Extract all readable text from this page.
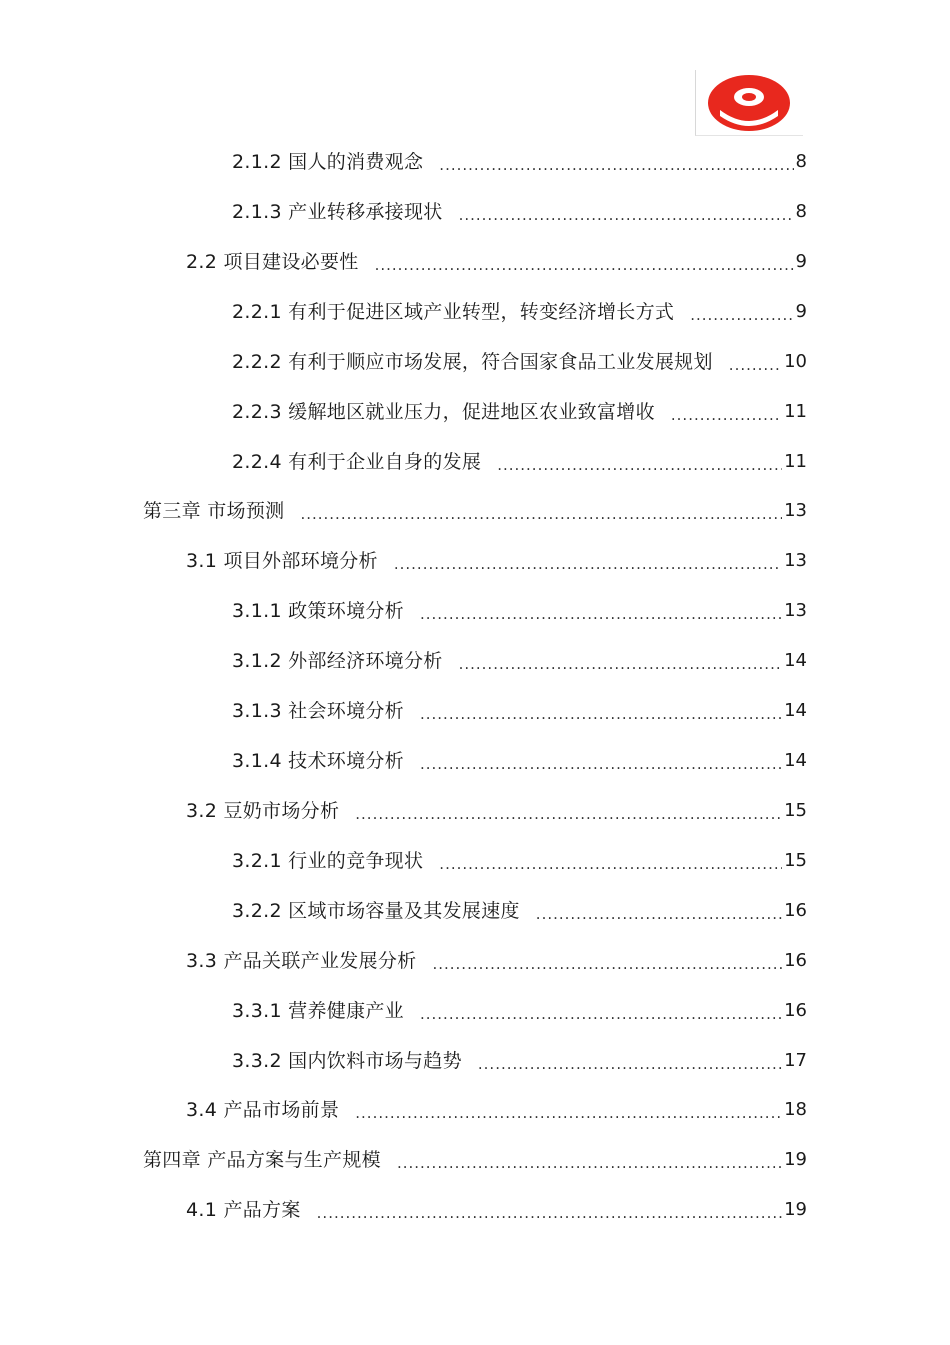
2.1.2 国人的消费观念 .....	8
2.1.3 产业转移承接现状 .....	8
2.2 项目建设必要性 .....	9
2.2.1 有利于促进区域产业转型，转变经济增长方式 .....	9
2.2.2 有利于顺应市场发展，符合国家食品工业发展规划 .....	10
2.2.3 缓解地区就业压力，促进地区农业致富增收 .....	11
2.2.4 有利于企业自身的发展 .....	11
第三章 市场预测 .....	13
3.1 项目外部环境分析 .....	13
3.1.1 政策环境分析 .....	13
3.1.2 外部经济环境分析 .....	14
3.1.3 社会环境分析 .....	14
3.1.4 技术环境分析 .....	14
3.2 豆奶市场分析 .....	15
3.2.1 行业的竞争现状 .....	15
3.2.2 区域市场容量及其发展速度 .....	16
3.3 产品关联产业发展分析 .....	16
3.3.1 营养健康产业 .....	16
3.3.2 国内饮料市场与趋势 .....	17
3.4 产品市场前景 .....	18
第四章 产品方案与生产规模 .....	19
4.1 产品方案 .....	19
